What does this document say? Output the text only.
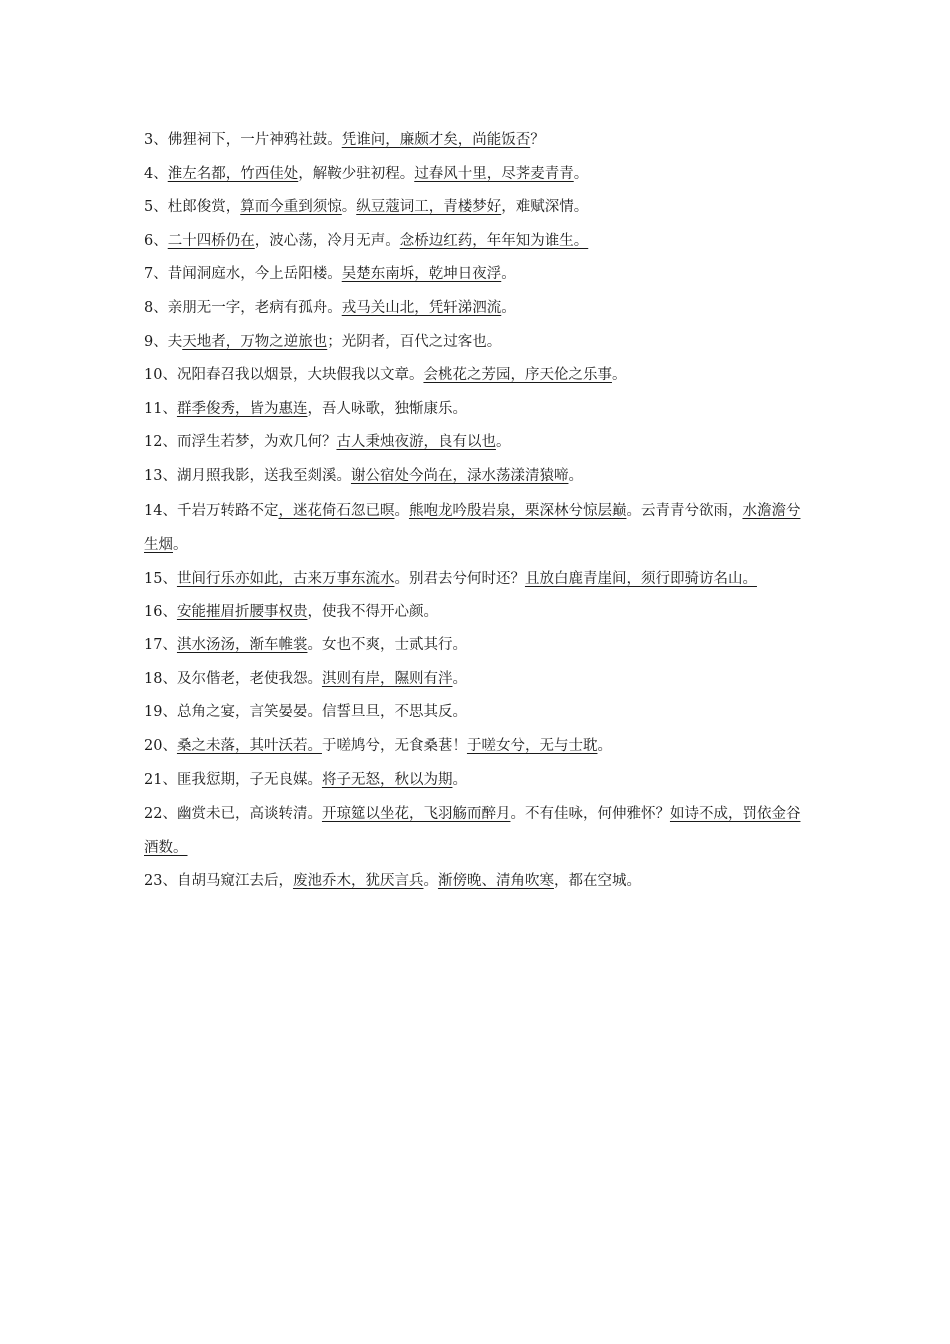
3、佛狸祠下，一片神鸦社鼓。凭谁问，廉颇才矣，尚能饭否？
4、淮左名都，竹西佳处，解鞍少驻初程。过春风十里，尽荠麦青青。
5、杜郎俊赏，算而今重到须惊。纵豆蔻词工，青楼梦好，难赋深情。
6、二十四桥仍在，波心荡，冷月无声。念桥边红药，年年知为谁生。
7、昔闻洞庭水，今上岳阳楼。吴楚东南坼，乾坤日夜浮。
8、亲朋无一字，老病有孤舟。戎马关山北，凭轩涕泗流。
9、夫天地者，万物之逆旅也；光阴者，百代之过客也。
10、况阳春召我以烟景，大块假我以文章。会桃花之芳园，序天伦之乐事。
11、群季俊秀，皆为惠连，吾人咏歌，独惭康乐。
12、而浮生若梦，为欢几何？古人秉烛夜游，良有以也。
13、湖月照我影，送我至剡溪。谢公宿处今尚在，渌水荡漾清猿啼。
14、千岩万转路不定，迷花倚石忽已暝。熊咆龙吟殷岩泉，栗深林兮惊层巅。云青青兮欲雨，水澹澹兮生烟。
15、世间行乐亦如此，古来万事东流水。别君去兮何时还？且放白鹿青崖间，须行即骑访名山。
16、安能摧眉折腰事权贵，使我不得开心颜。
17、淇水汤汤，渐车帷裳。女也不爽，士贰其行。
18、及尔偕老，老使我怨。淇则有岸，隰则有泮。
19、总角之宴，言笑晏晏。信誓旦旦，不思其反。
20、桑之未落，其叶沃若。于嗟鸠兮，无食桑葚！于嗟女兮，无与士耽。
21、匪我愆期，子无良媒。将子无怒，秋以为期。
22、幽赏未已，高谈转清。开琼筵以坐花，飞羽觞而醉月。不有佳咏，何伸雅怀？如诗不成，罚依金谷酒数。
23、自胡马窥江去后，废池乔木，犹厌言兵。渐傍晚、清角吹寒，都在空城。
